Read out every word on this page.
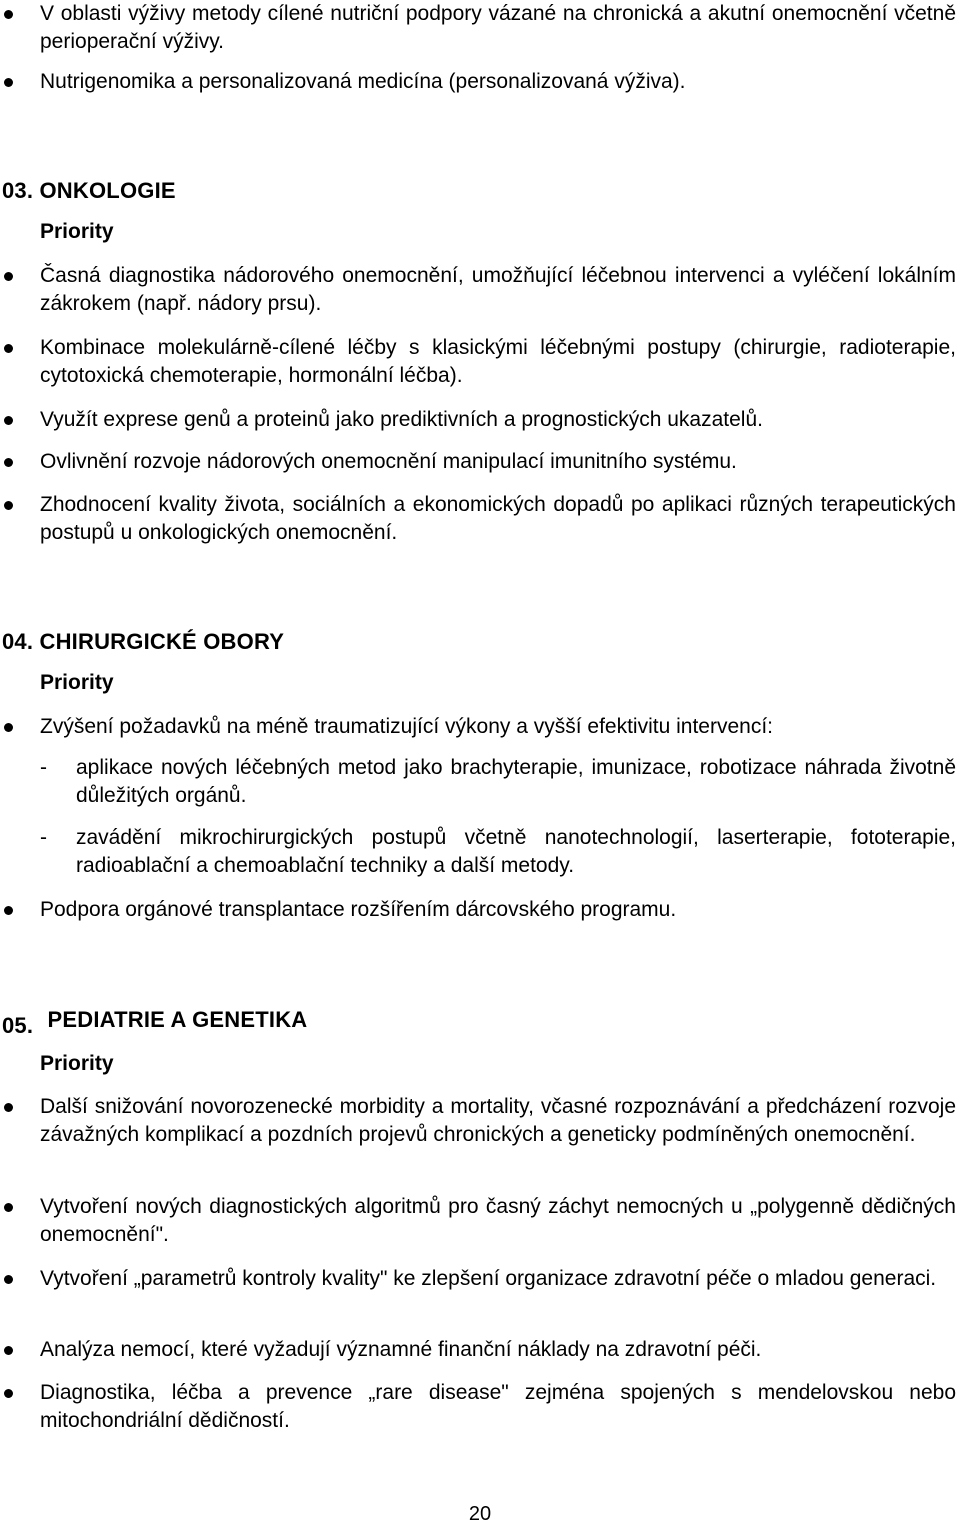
V oblasti výživy metody cílené nutriční podpory vázané na chronická a akutní onemocnění včetně perioperační výživy.
Nutrigenomika a personalizovaná medicína (personalizovaná výživa).
03. ONKOLOGIE
Priority
Časná diagnostika nádorového onemocnění, umožňující léčebnou intervenci a vyléčení lokálním zákrokem (např. nádory prsu).
Kombinace molekulárně-cílené léčby s klasickými léčebnými postupy (chirurgie, radioterapie, cytotoxická chemoterapie, hormonální léčba).
Využít exprese genů a proteinů jako prediktivních a prognostických ukazatelů.
Ovlivnění rozvoje nádorových onemocnění manipulací imunitního systému.
Zhodnocení kvality života, sociálních a ekonomických dopadů po aplikaci různých terapeutických postupů u onkologických onemocnění.
04. CHIRURGICKÉ OBORY
Priority
Zvýšení požadavků na méně traumatizující výkony a vyšší efektivitu intervencí:
- aplikace nových léčebných metod jako brachyterapie, imunizace, robotizace náhrada životně důležitých orgánů.
- zavádění mikrochirurgických postupů včetně nanotechnologií, laserterapie, fototerapie, radioablační a chemoablační techniky a další metody.
Podpora orgánové transplantace rozšířením dárcovského programu.
05. PEDIATRIE A GENETIKA
Priority
Další snižování novorozenecké morbidity a mortality, včasné rozpoznávání a předcházení rozvoje závažných komplikací a pozdních projevů chronických a geneticky podmíněných onemocnění.
Vytvoření nových diagnostických algoritmů pro časný záchyt nemocných u „polygenně dědičných onemocnění".
Vytvoření „parametrů kontroly kvality" ke zlepšení organizace zdravotní péče o mladou generaci.
Analýza nemocí, které vyžadují významné finanční náklady na zdravotní péči.
Diagnostika, léčba a prevence „rare disease" zejména spojených s mendelovskou nebo mitochondriální dědičností.
20
